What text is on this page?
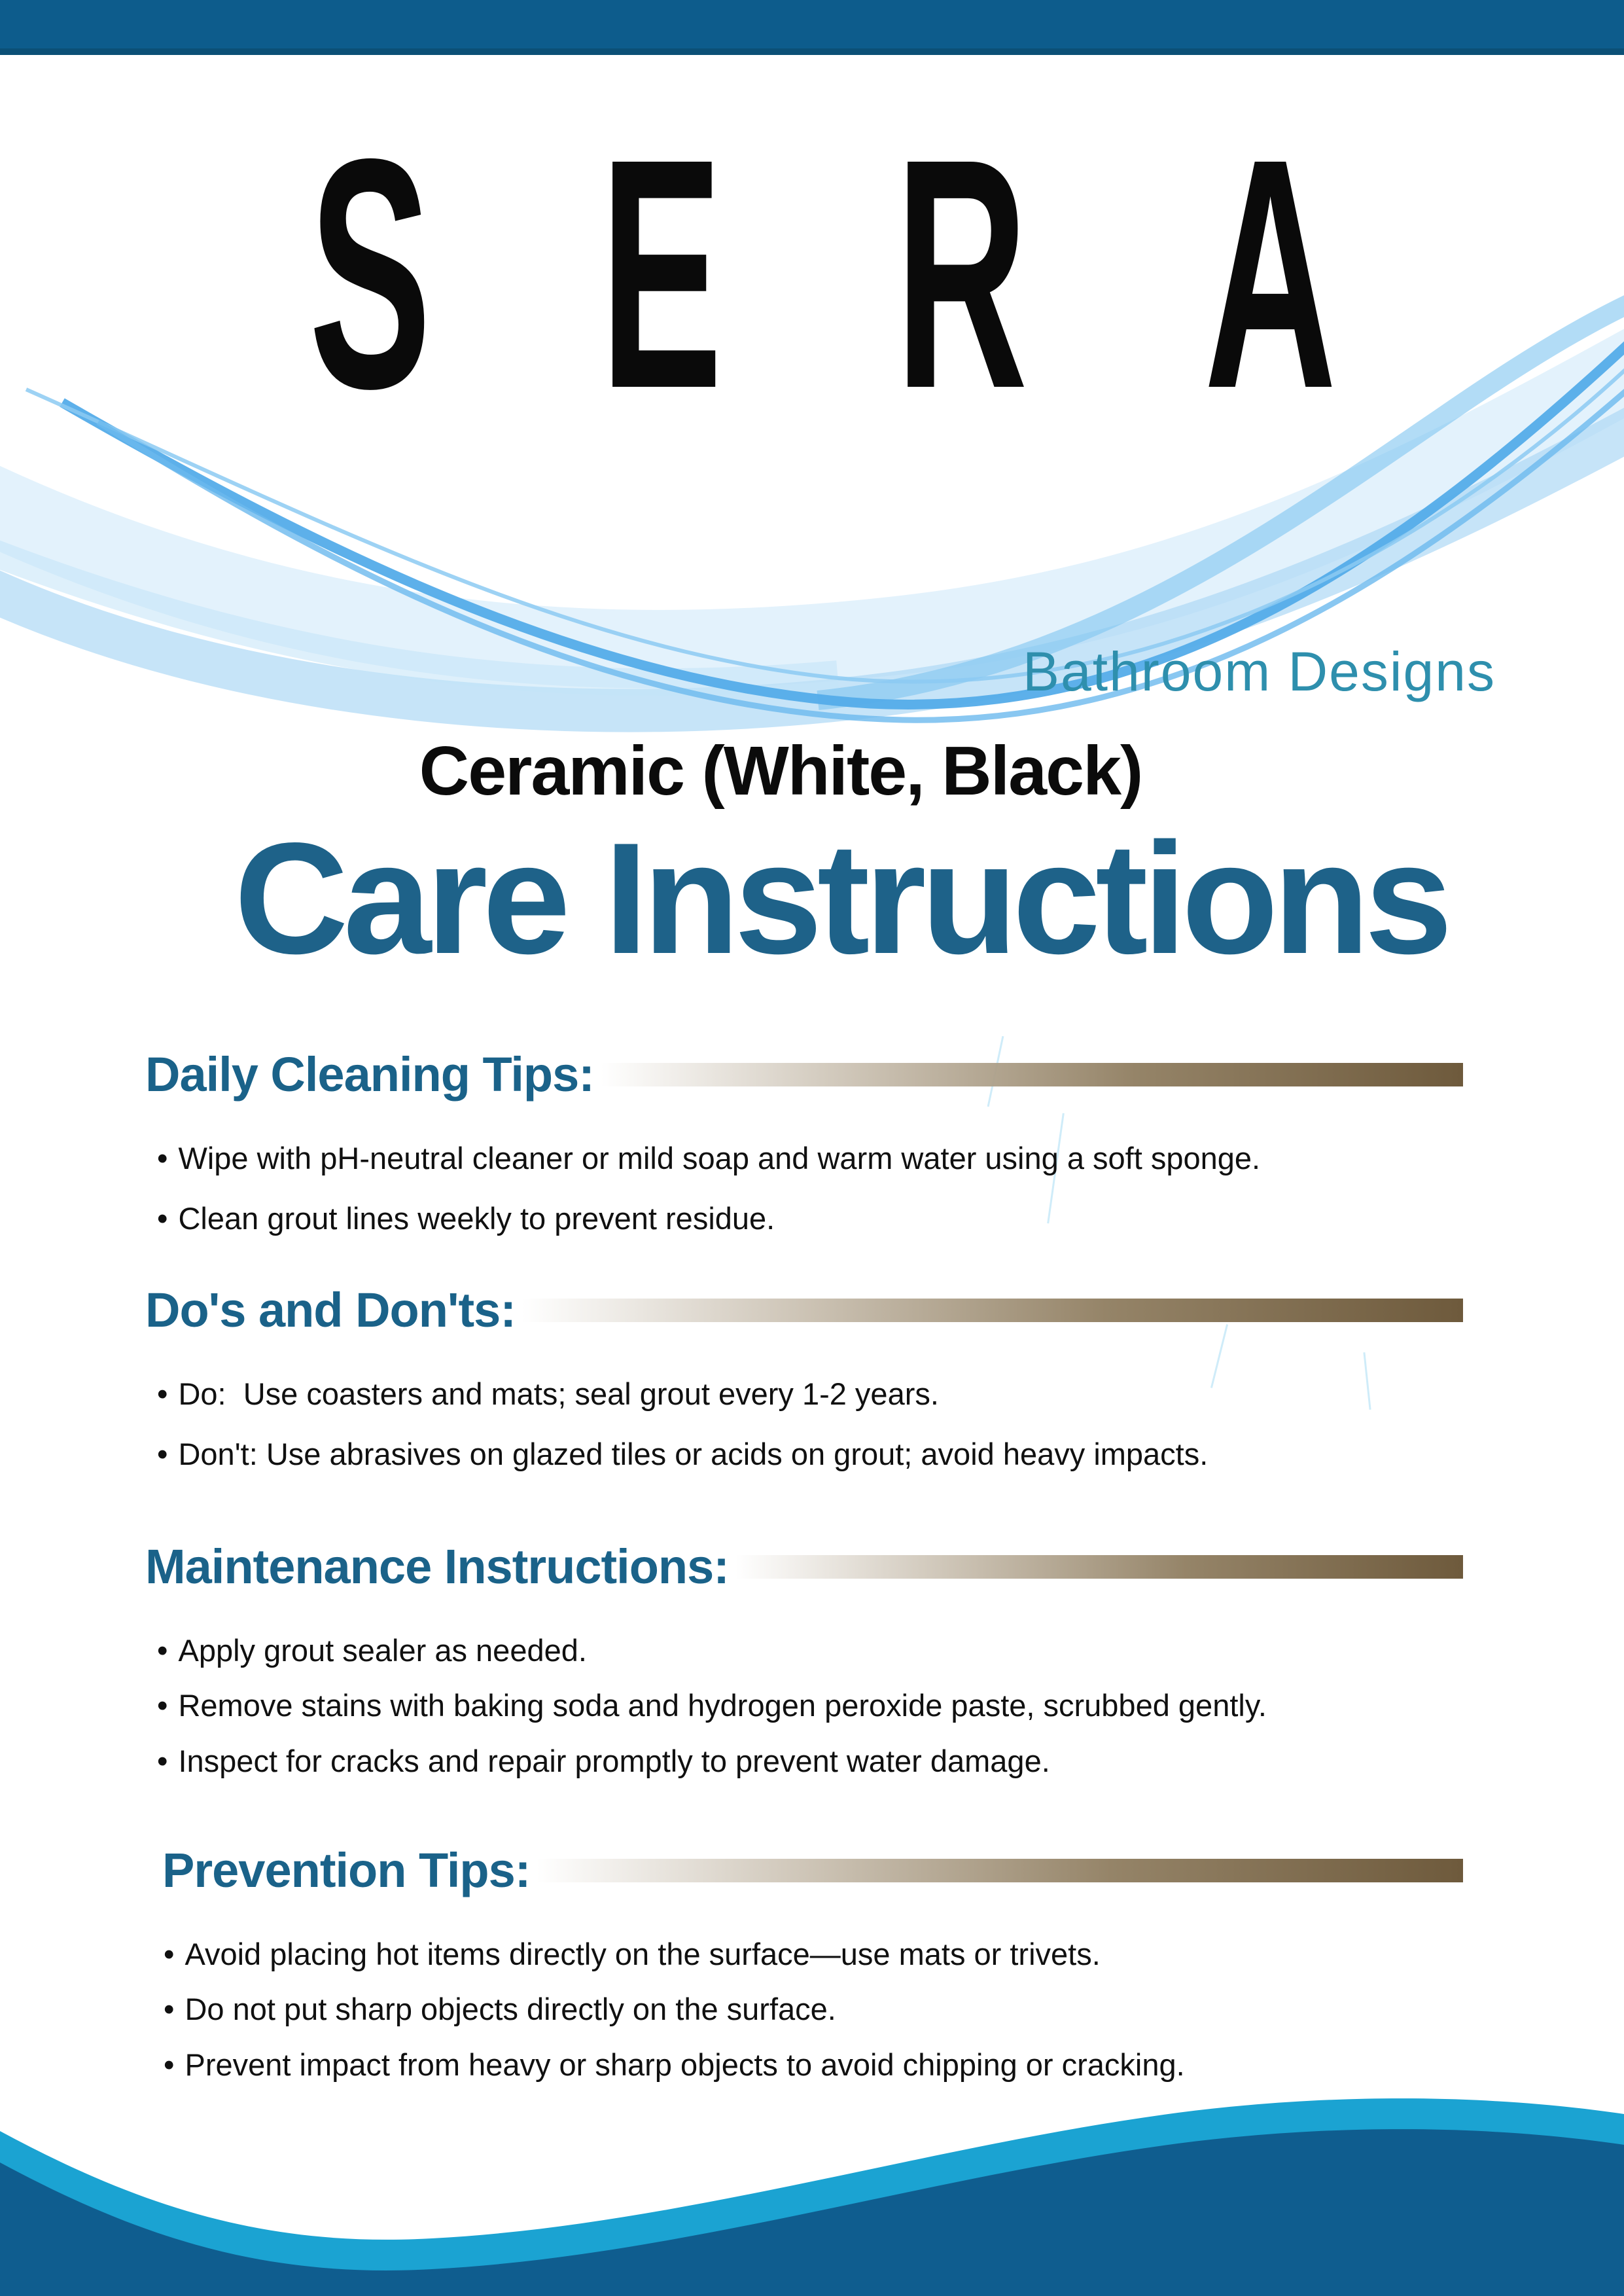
S E R A
Bathroom Designs
Ceramic (White, Black)
Care Instructions
Daily Cleaning Tips:
• Wipe with pH-neutral cleaner or mild soap and warm water using a soft sponge.
• Clean grout lines weekly to prevent residue.
Do's and Don'ts:
• Do:  Use coasters and mats; seal grout every 1-2 years.
• Don't: Use abrasives on glazed tiles or acids on grout; avoid heavy impacts.
Maintenance Instructions:
• Apply grout sealer as needed.
• Remove stains with baking soda and hydrogen peroxide paste, scrubbed gently.
• Inspect for cracks and repair promptly to prevent water damage.
Prevention Tips:
• Avoid placing hot items directly on the surface—use mats or trivets.
• Do not put sharp objects directly on the surface.
• Prevent impact from heavy or sharp objects to avoid chipping or cracking.
